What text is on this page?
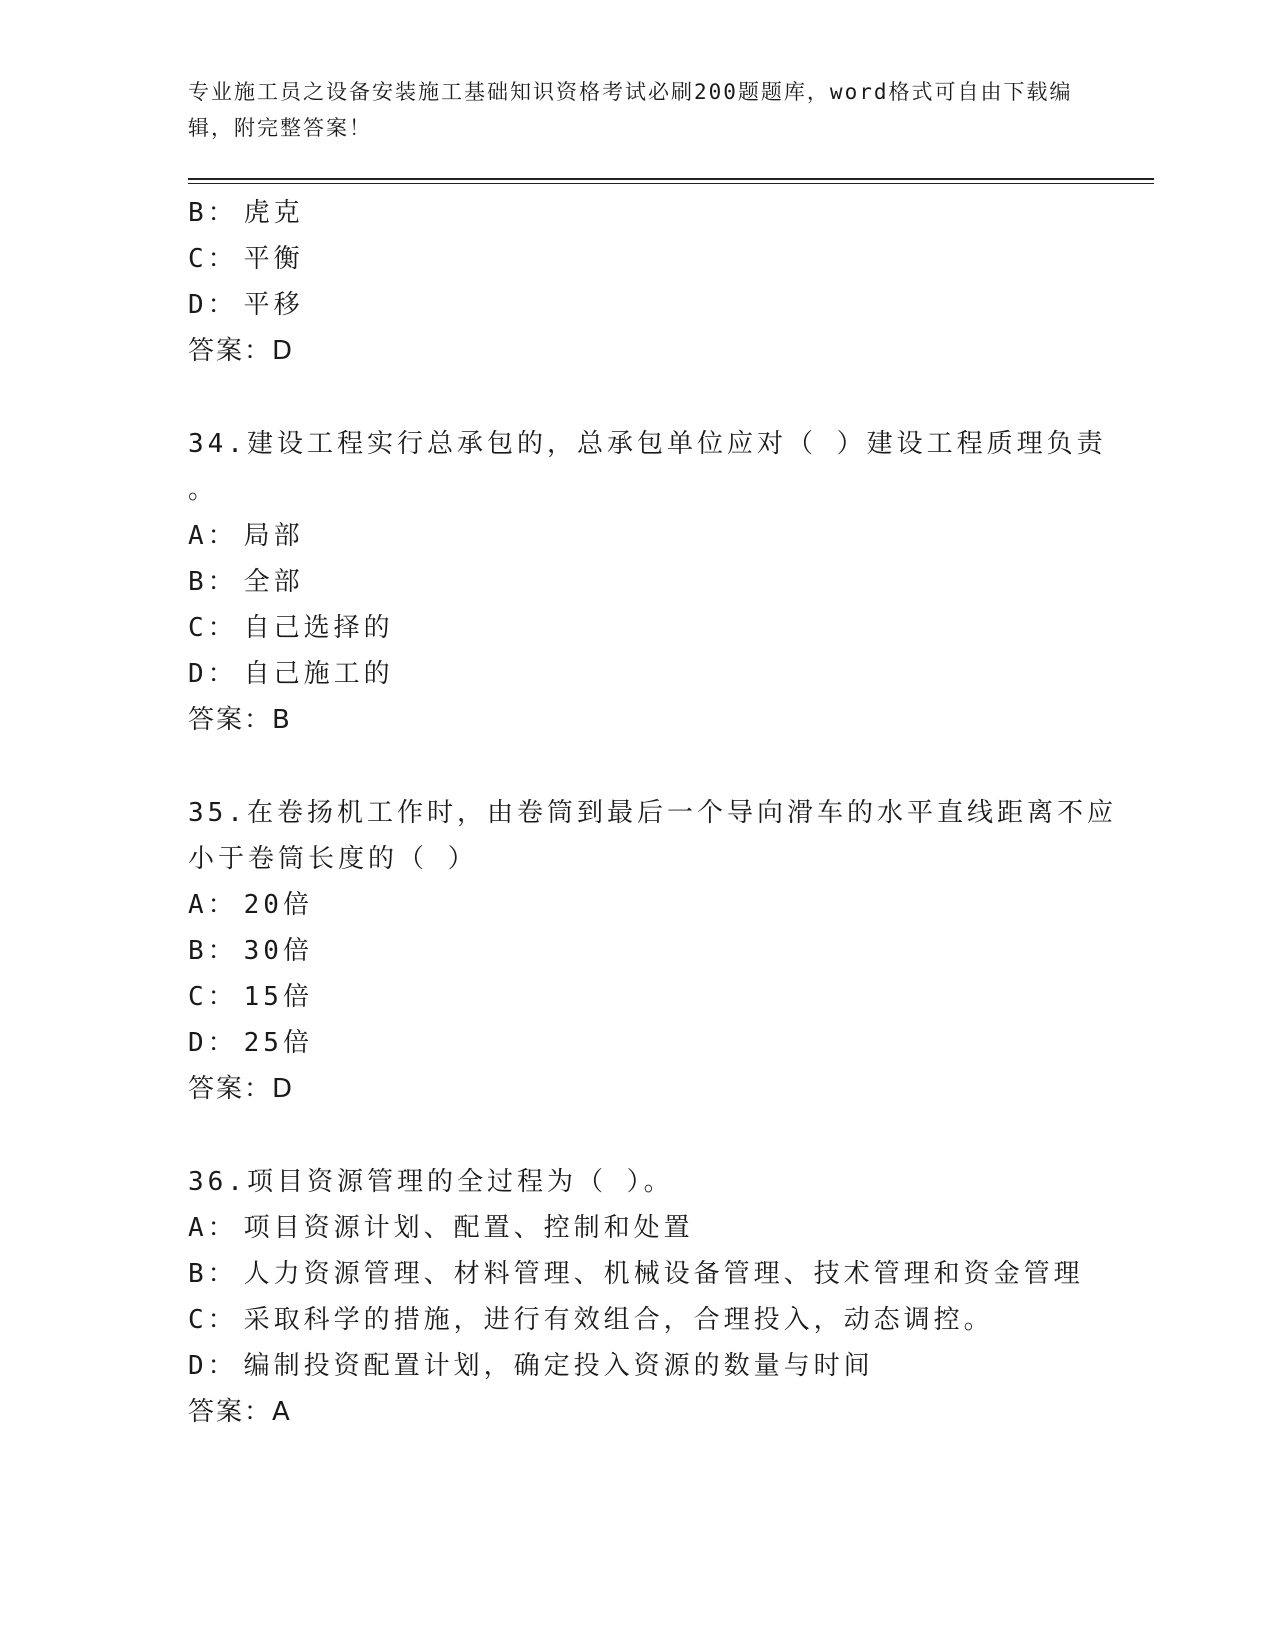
专业施工员之设备安装施工基础知识资格考试必刷200题题库，word格式可自由下载编辑，附完整答案！
B： 虎克
C： 平衡
D： 平移
答案：D
34.建设工程实行总承包的，总承包单位应对（ ）建设工程质理负责
。
A： 局部
B： 全部
C： 自己选择的
D： 自己施工的
答案：B
35.在卷扬机工作时，由卷筒到最后一个导向滑车的水平直线距离不应
小于卷筒长度的（ ）
A： 20倍
B： 30倍
C： 15倍
D： 25倍
答案：D
36.项目资源管理的全过程为（ ）。
A： 项目资源计划、配置、控制和处置
B： 人力资源管理、材料管理、机械设备管理、技术管理和资金管理
C： 采取科学的措施，进行有效组合，合理投入，动态调控。
D： 编制投资配置计划，确定投入资源的数量与时间
答案：A
